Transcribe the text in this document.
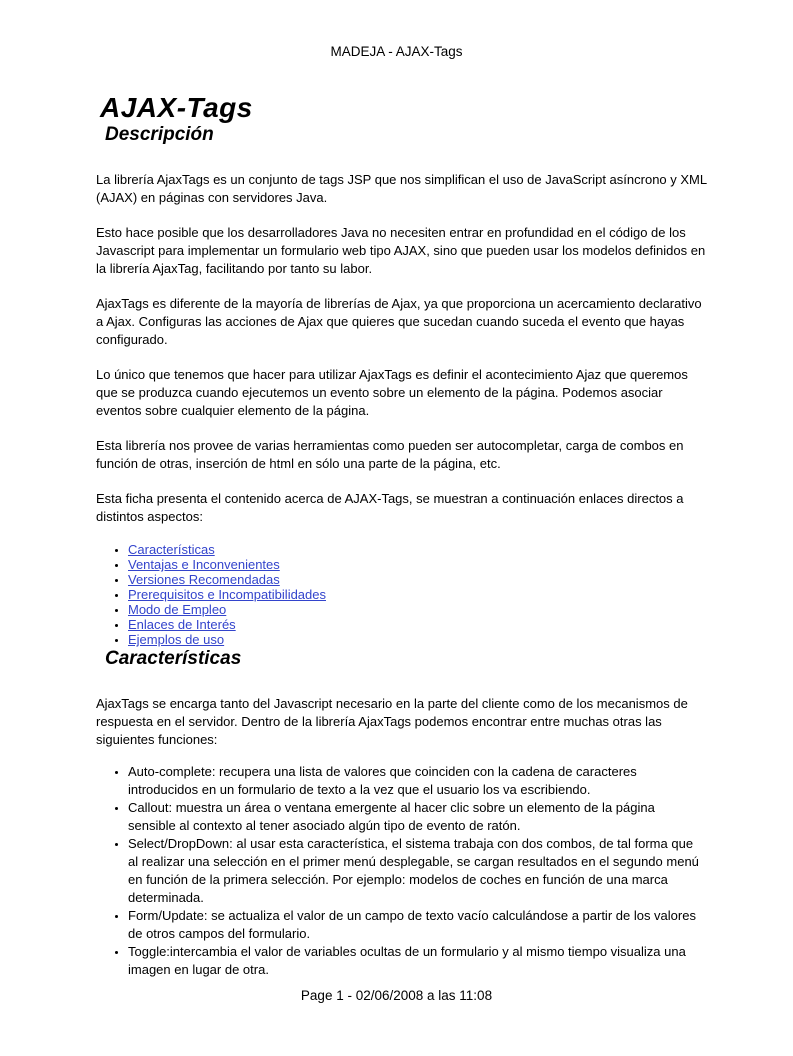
MADEJA - AJAX-Tags
AJAX-Tags
Descripción

La librería AjaxTags es un conjunto de tags JSP que nos simplifican el uso de JavaScript asíncrono y XML (AJAX) en páginas con servidores Java.

Esto hace posible que los desarrolladores Java no necesiten entrar en profundidad en el código de los Javascript para implementar un formulario web tipo AJAX, sino que pueden usar los modelos definidos en la librería AjaxTag, facilitando por tanto su labor.

AjaxTags es diferente de la mayoría de librerías de Ajax, ya que proporciona un acercamiento declarativo a Ajax. Configuras las acciones de Ajax que quieres que sucedan cuando suceda el evento que hayas configurado.

Lo único que tenemos que hacer para utilizar AjaxTags es definir el acontecimiento Ajaz que queremos que se produzca cuando ejecutemos un evento sobre un elemento de la página. Podemos asociar eventos sobre cualquier elemento de la página.

Esta librería nos provee de varias herramientas como pueden ser autocompletar, carga de combos en función de otras, inserción de html en sólo una parte de la página, etc.

Esta ficha presenta el contenido acerca de AJAX-Tags, se muestran a continuación enlaces directos a distintos aspectos:

• Características
• Ventajas e Inconvenientes
• Versiones Recomendadas
• Prerequisitos e Incompatibilidades
• Modo de Empleo
• Enlaces de Interés
• Ejemplos de uso
Características

AjaxTags se encarga tanto del Javascript necesario en la parte del cliente como de los mecanismos de respuesta en el servidor. Dentro de la librería AjaxTags podemos encontrar entre muchas otras las siguientes funciones:

• Auto-complete: recupera una lista de valores que coinciden con la cadena de caracteres introducidos en un formulario de texto a la vez que el usuario los va escribiendo.
• Callout: muestra un área o ventana emergente al hacer clic sobre un elemento de la página sensible al contexto al tener asociado algún tipo de evento de ratón.
• Select/DropDown: al usar esta característica, el sistema trabaja con dos combos, de tal forma que al realizar una selección en el primer menú desplegable, se cargan resultados en el segundo menú en función de la primera selección. Por ejemplo: modelos de coches en función de una marca determinada.
• Form/Update: se actualiza el valor de un campo de texto vacío calculándose a partir de los valores de otros campos del formulario.
• Toggle:intercambia el valor de variables ocultas de un formulario y al mismo tiempo visualiza una imagen en lugar de otra.
Page 1 - 02/06/2008 a las 11:08
